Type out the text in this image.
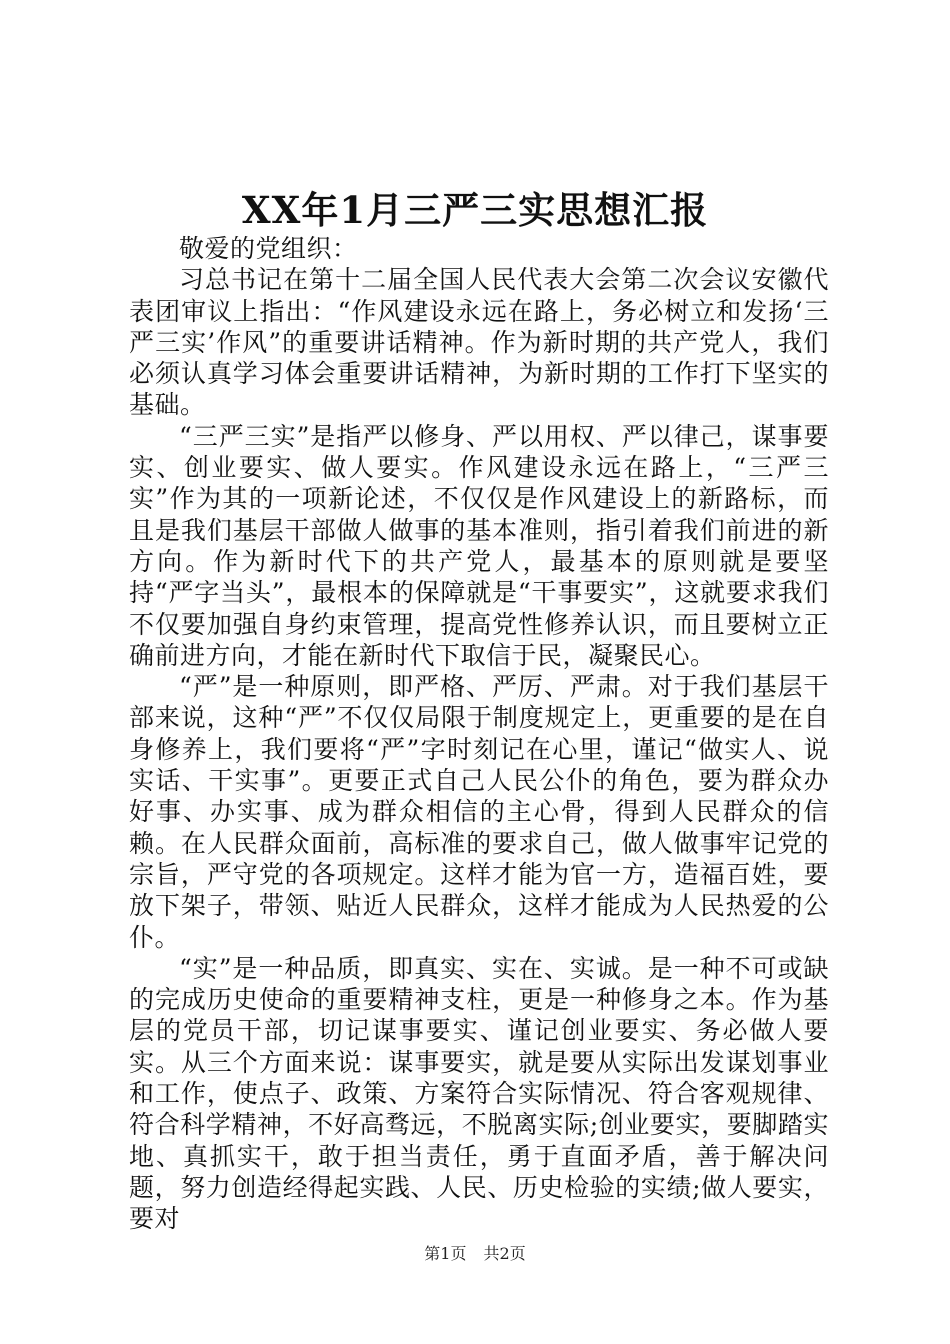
XX年1月三严三实思想汇报

敬爱的党组织：

习总书记在第十二届全国人民代表大会第二次会议安徽代表团审议上指出：“作风建设永远在路上，务必树立和发扬‘三严三实’作风”的重要讲话精神。作为新时期的共产党人，我们必须认真学习体会重要讲话精神，为新时期的工作打下坚实的基础。

“三严三实”是指严以修身、严以用权、严以律己，谋事要实、创业要实、做人要实。作风建设永远在路上，“三严三实”作为其的一项新论述，不仅仅是作风建设上的新路标，而且是我们基层干部做人做事的基本准则，指引着我们前进的新方向。作为新时代下的共产党人，最基本的原则就是要坚持“严字当头”，最根本的保障就是“干事要实”，这就要求我们不仅要加强自身约束管理，提高党性修养认识，而且要树立正确前进方向，才能在新时代下取信于民，凝聚民心。

“严”是一种原则，即严格、严厉、严肃。对于我们基层干部来说，这种“严”不仅仅局限于制度规定上，更重要的是在自身修养上，我们要将“严”字时刻记在心里，谨记“做实人、说实话、干实事”。更要正式自己人民公仆的角色，要为群众办好事、办实事、成为群众相信的主心骨，得到人民群众的信赖。在人民群众面前，高标准的要求自己，做人做事牢记党的宗旨，严守党的各项规定。这样才能为官一方，造福百姓，要放下架子，带领、贴近人民群众，这样才能成为人民热爱的公仆。

“实”是一种品质，即真实、实在、实诚。是一种不可或缺的完成历史使命的重要精神支柱，更是一种修身之本。作为基层的党员干部，切记谋事要实、谨记创业要实、务必做人要实。从三个方面来说：谋事要实，就是要从实际出发谋划事业和工作，使点子、政策、方案符合实际情况、符合客观规律、符合科学精神，不好高骛远，不脱离实际;创业要实，要脚踏实地、真抓实干，敢于担当责任，勇于直面矛盾，善于解决问题，努力创造经得起实践、人民、历史检验的实绩;做人要实，要对

第1页 共2页
